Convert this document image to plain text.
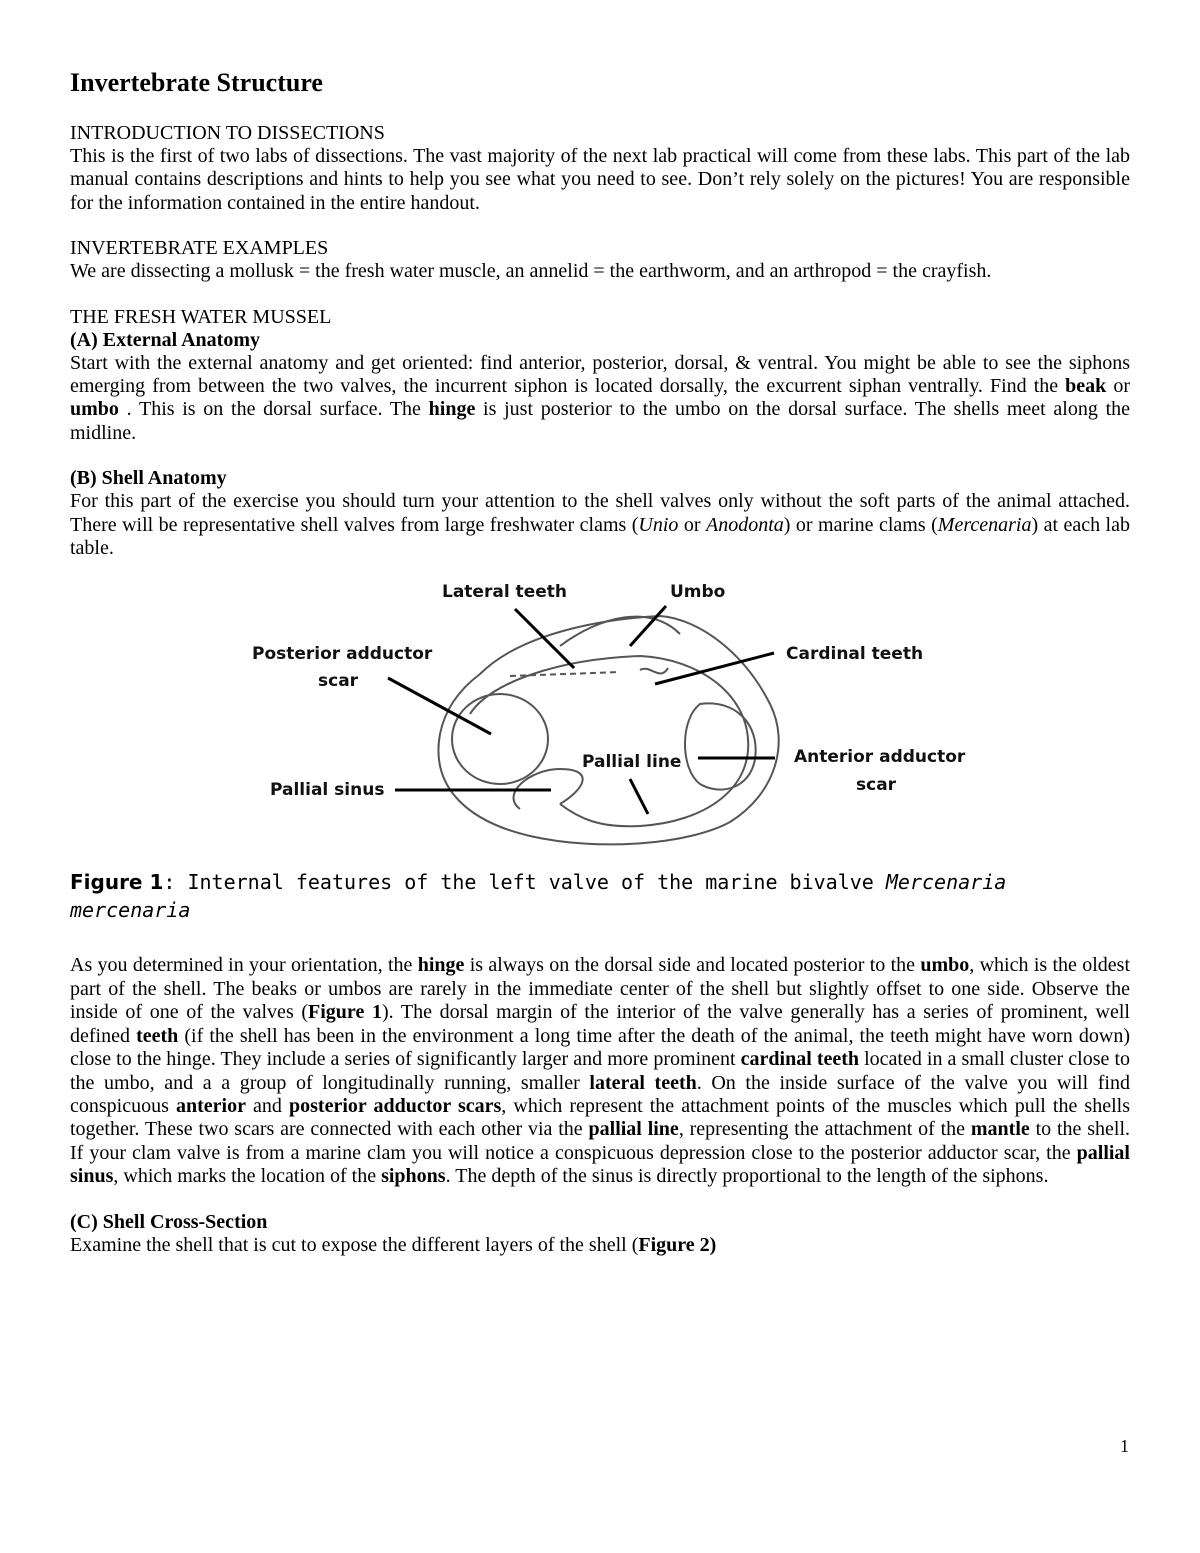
Invertebrate Structure
INTRODUCTION TO DISSECTIONS

This is the first of two labs of dissections. The vast majority of the next lab practical will come from these labs. This part of the lab manual contains descriptions and hints to help you see what you need to see. Don’t rely solely on the pictures! You are responsible for the information contained in the entire handout.

INVERTEBRATE EXAMPLES

We are dissecting a mollusk = the fresh water muscle, an annelid = the earthworm, and an arthropod = the crayfish.

THE FRESH WATER MUSSEL
(A) External Anatomy

Start with the external anatomy and get oriented: find anterior, posterior, dorsal, & ventral. You might be able to see the siphons emerging from between the two valves, the incurrent siphon is located dorsally, the excurrent siphan ventrally. Find the beak or umbo . This is on the dorsal surface. The hinge is just posterior to the umbo on the dorsal surface. The shells meet along the midline.

(B) Shell Anatomy

For this part of the exercise you should turn your attention to the shell valves only without the soft parts of the animal attached. There will be representative shell valves from large freshwater clams (Unio or Anodonta) or marine clams (Mercenaria) at each lab table.

Lateral teeth	Umbo
Posterior adductor
scar
Cardinal teeth
Pallial line	Anterior adductor
scar
Pallial sinus
Figure 1: Internal features of the left valve of the marine bivalve Mercenaria mercenaria

As you determined in your orientation, the hinge is always on the dorsal side and located posterior to the umbo, which is the oldest part of the shell. The beaks or umbos are rarely in the immediate center of the shell but slightly offset to one side. Observe the inside of one of the valves (Figure 1). The dorsal margin of the interior of the valve generally has a series of prominent, well defined teeth (if the shell has been in the environment a long time after the death of the animal, the teeth might have worn down) close to the hinge. They include a series of significantly larger and more prominent cardinal teeth located in a small cluster close to the umbo, and a a group of longitudinally running, smaller lateral teeth. On the inside surface of the valve you will find conspicuous anterior and posterior adductor scars, which represent the attachment points of the muscles which pull the shells together. These two scars are connected with each other via the pallial line, representing the attachment of the mantle to the shell. If your clam valve is from a marine clam you will notice a conspicuous depression close to the posterior adductor scar, the pallial sinus, which marks the location of the siphons. The depth of the sinus is directly proportional to the length of the siphons.

(C) Shell Cross-Section

Examine the shell that is cut to expose the different layers of the shell (Figure 2)

1
